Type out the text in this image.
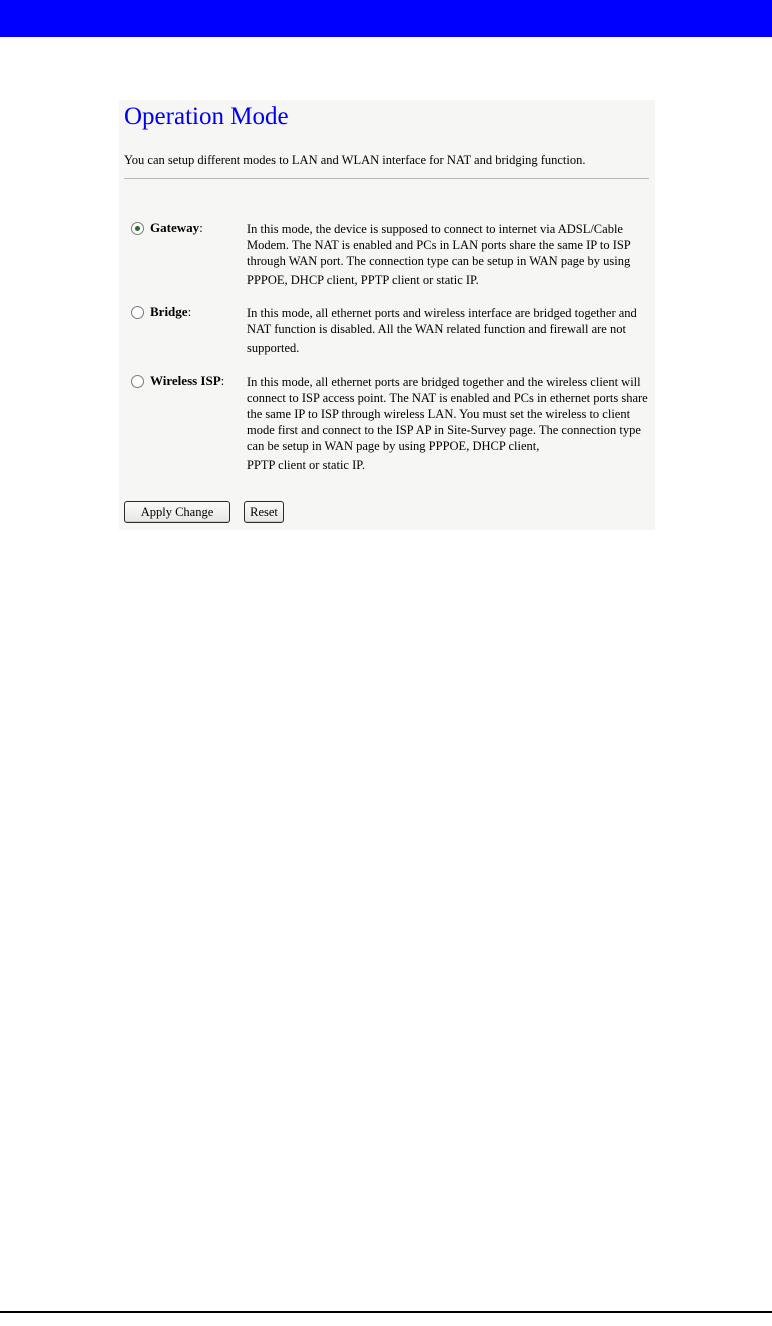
Operation Mode
You can setup different modes to LAN and WLAN interface for NAT and bridging function.
Gateway :	In this mode, the device is supposed to connect to internet via ADSL/Cable Modem. The NAT is enabled and PCs in LAN ports share the same IP to ISP through WAN port. The connection type can be setup in WAN page by using
PPPOE, DHCP client, PPTP client or static IP.
Bridge :	In this mode, all ethernet ports and wireless interface are bridged together and NAT function is disabled. All the WAN related function and firewall are not
supported.
Wireless ISP : In this mode, all ethernet ports are bridged together and the wireless client will connect to ISP access point. The NAT is enabled and PCs in ethernet ports share the same IP to ISP through wireless LAN. You must set the wireless to client mode first and connect to the ISP AP in Site-Survey page. The connection type can be setup in WAN page by using PPPOE, DHCP client,
PPTP client or static IP.
Apply Change	Reset
